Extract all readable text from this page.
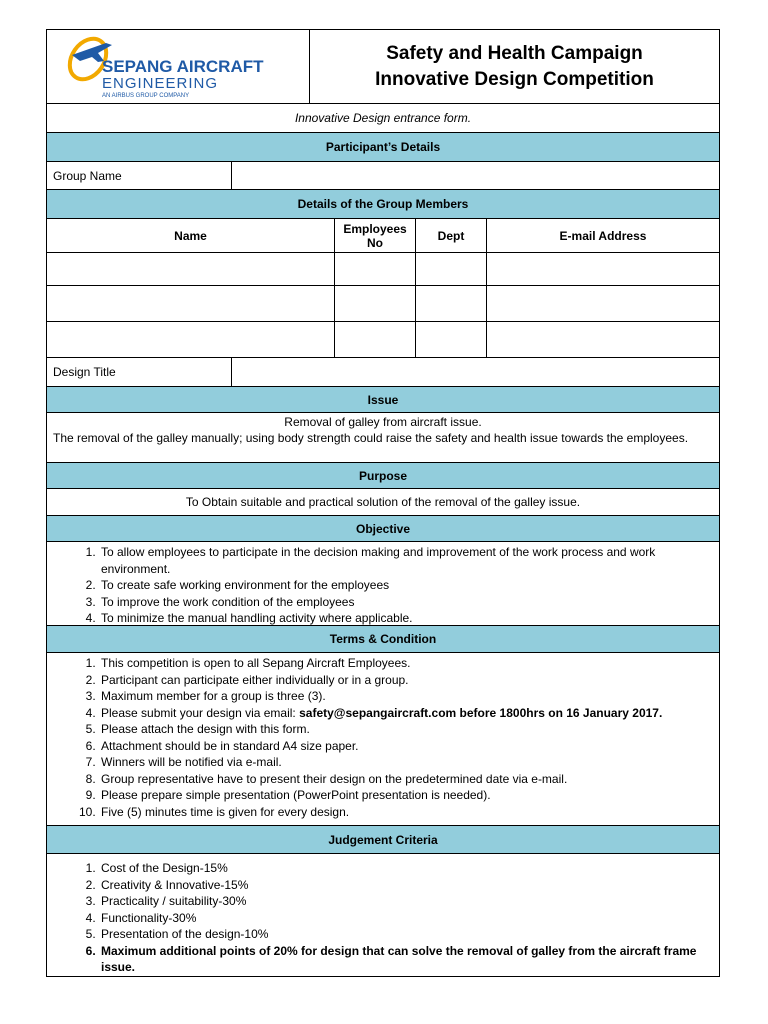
SEPANG AIRCRAFT
ENGINEERING
AN AIRBUS GROUP COMPANY
Safety and Health Campaign
Innovative Design Competition
Innovative Design entrance form.
Participant’s Details
Group Name
Details of the Group Members
Name	Employees No	Dept	E-mail Address
Design Title
Issue
Removal of galley from aircraft issue.
The removal of the galley manually; using body strength could raise the safety and health issue towards the employees.
Purpose
To Obtain suitable and practical solution of the removal of the galley issue.
Objective
1. To allow employees to participate in the decision making and improvement of the work process and work environment.
2. To create safe working environment for the employees
3. To improve the work condition of the employees
4. To minimize the manual handling activity where applicable.
Terms & Condition
1. This competition is open to all Sepang Aircraft Employees.
2. Participant can participate either individually or in a group.
3. Maximum member for a group is three (3).
4. Please submit your design via email: safety@sepangaircraft.com before 1800hrs on 16 January 2017.
5. Please attach the design with this form.
6. Attachment should be in standard A4 size paper.
7. Winners will be notified via e-mail.
8. Group representative have to present their design on the predetermined date via e-mail.
9. Please prepare simple presentation (PowerPoint presentation is needed).
10. Five (5) minutes time is given for every design.
Judgement Criteria
1. Cost of the Design-15%
2. Creativity & Innovative-15%
3. Practicality / suitability-30%
4. Functionality-30%
5. Presentation of the design-10%
6. Maximum additional points of 20% for design that can solve the removal of galley from the aircraft frame issue.
